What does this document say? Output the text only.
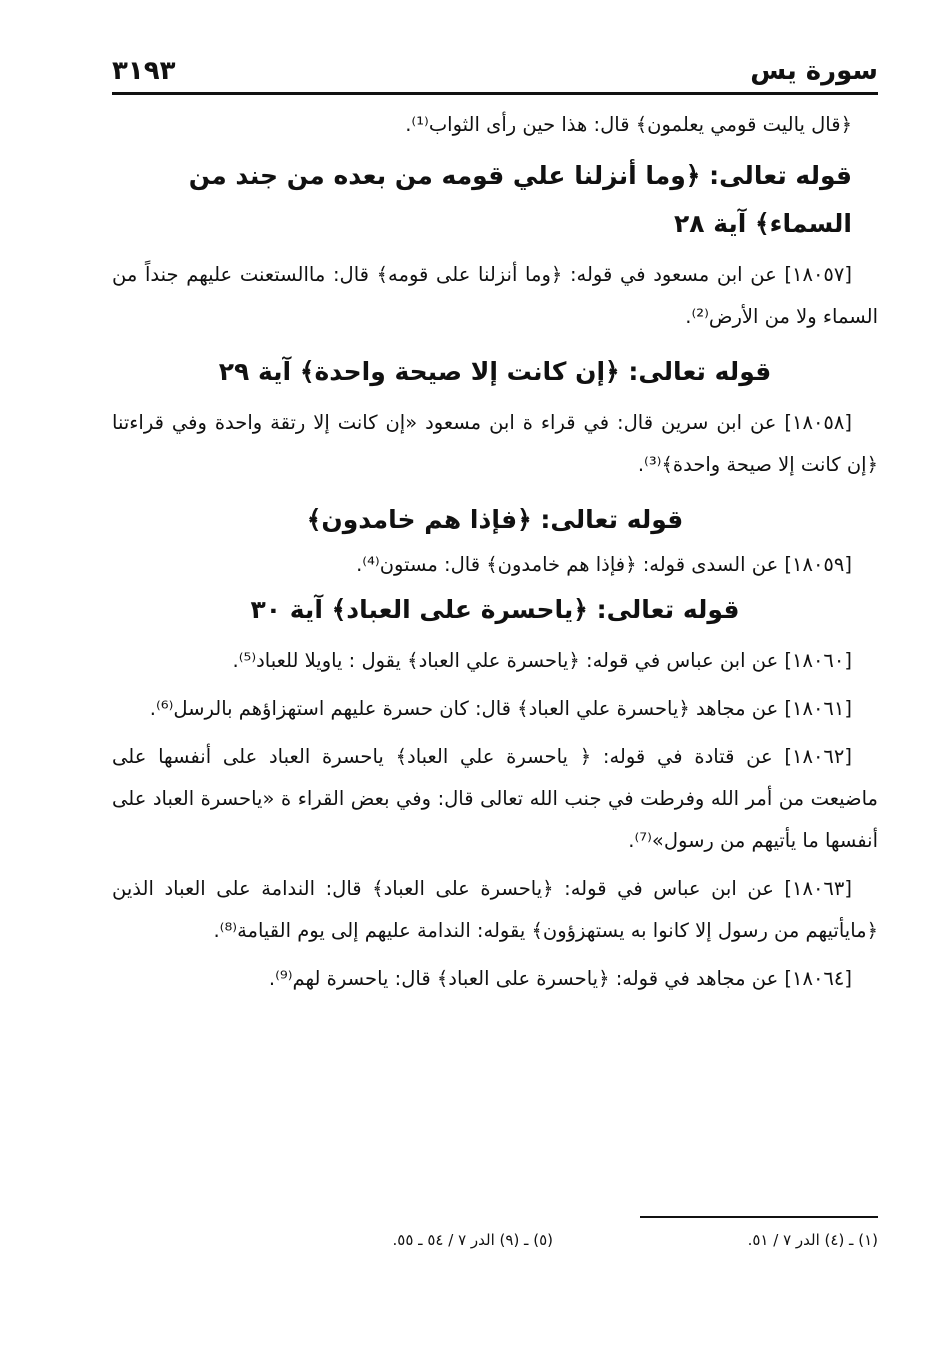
سورة يس
٣١٩٣

﴿قال ياليت قومي يعلمون﴾ قال: هذا حين رأى الثواب⁽¹⁾.

قوله تعالى: ﴿وما أنزلنا علي قومه من بعده من جند من السماء﴾ آية ٢٨

[١٨٠٥٧] عن ابن مسعود في قوله: ﴿وما أنزلنا على قومه﴾ قال: ماالستعنت عليهم جنداً من السماء ولا من الأرض⁽²⁾.

قوله تعالى: ﴿إن كانت إلا صيحة واحدة﴾ آية ٢٩

[١٨٠٥٨] عن ابن سرين قال: في قراء ة ابن مسعود «إن كانت إلا رتقة واحدة وفي قراءتنا ﴿إن كانت إلا صيحة واحدة﴾⁽³⁾.

قوله تعالى: ﴿فإذا هم خامدون﴾

[١٨٠٥٩] عن السدى قوله: ﴿فإذا هم خامدون﴾ قال: مستون⁽⁴⁾.

قوله تعالى: ﴿ياحسرة على العباد﴾ آية ٣٠

[١٨٠٦٠] عن ابن عباس في قوله: ﴿ياحسرة علي العباد﴾ يقول : ياويلا للعباد⁽⁵⁾.

[١٨٠٦١] عن مجاهد ﴿ياحسرة علي العباد﴾ قال: كان حسرة عليهم استهزاؤهم بالرسل⁽⁶⁾.

[١٨٠٦٢] عن قتادة في قوله: ﴿ ياحسرة علي العباد﴾ ياحسرة العباد على أنفسها على ماضيعت من أمر الله وفرطت في جنب الله تعالى قال: وفي بعض القراء ة «ياحسرة العباد على أنفسها ما يأتيهم من رسول»⁽⁷⁾.

[١٨٠٦٣] عن ابن عباس في قوله: ﴿ياحسرة على العباد﴾ قال: الندامة على العباد الذين ﴿مايأتيهم من رسول إلا كانوا به يستهزؤون﴾ يقوله: الندامة عليهم إلى يوم القيامة⁽⁸⁾.

[١٨٠٦٤] عن مجاهد في قوله: ﴿ياحسرة على العباد﴾ قال: ياحسرة لهم⁽⁹⁾.

(١) ـ (٤) الدر ٧ / ٥١.
(٥) ـ (٩) الدر ٧ / ٥٤ ـ ٥٥.
